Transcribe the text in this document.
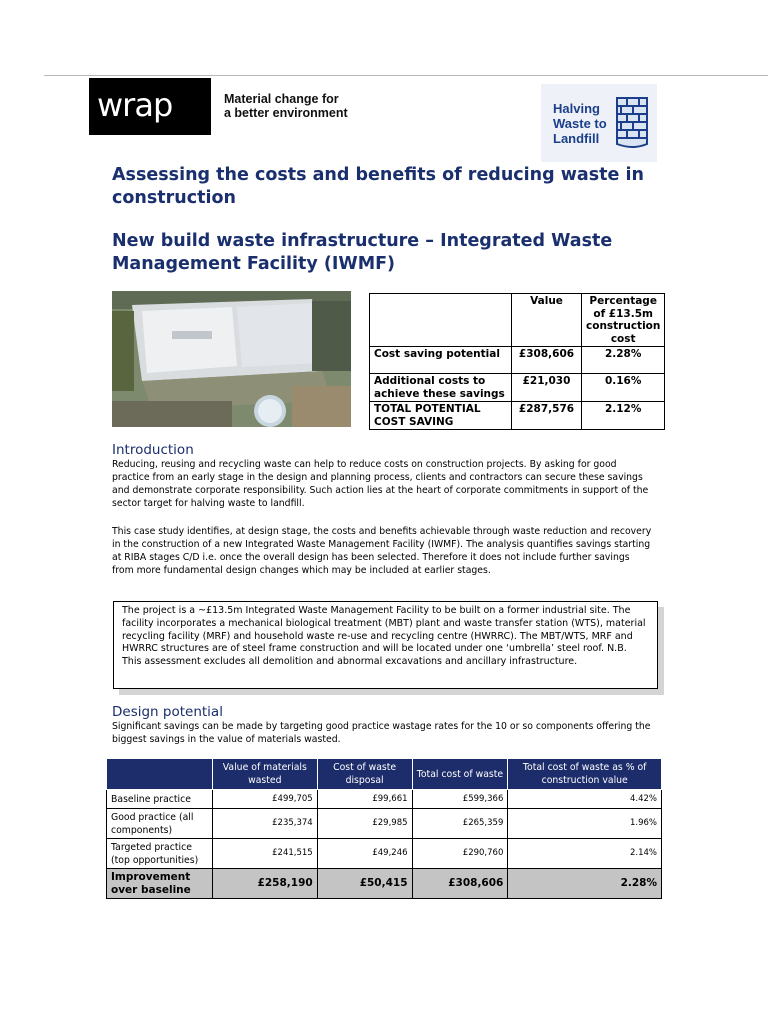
wrap	Material change for
a better environment	Halving
Waste to
Landfill
Assessing the costs and benefits of reducing waste in construction
New build waste infrastructure – Integrated Waste Management Facility (IWMF)
	Value	Percentage of £13.5m construction cost
Cost saving potential	£308,606	2.28%
Additional costs to achieve these savings	£21,030	0.16%
TOTAL POTENTIAL COST SAVING	£287,576	2.12%
Introduction
Reducing, reusing and recycling waste can help to reduce costs on construction projects. By asking for good practice from an early stage in the design and planning process, clients and contractors can secure these savings and demonstrate corporate responsibility. Such action lies at the heart of corporate commitments in support of the sector target for halving waste to landfill.
This case study identifies, at design stage, the costs and benefits achievable through waste reduction and recovery in the construction of a new Integrated Waste Management Facility (IWMF). The analysis quantifies savings starting at RIBA stages C/D i.e. once the overall design has been selected. Therefore it does not include further savings from more fundamental design changes which may be included at earlier stages.
The project is a ~£13.5m Integrated Waste Management Facility to be built on a former industrial site. The facility incorporates a mechanical biological treatment (MBT) plant and waste transfer station (WTS), material recycling facility (MRF) and household waste re-use and recycling centre (HWRRC). The MBT/WTS, MRF and HWRRC structures are of steel frame construction and will be located under one ‘umbrella’ steel roof. N.B. This assessment excludes all demolition and abnormal excavations and ancillary infrastructure.
Design potential
Significant savings can be made by targeting good practice wastage rates for the 10 or so components offering the biggest savings in the value of materials wasted.
	Value of materials wasted	Cost of waste disposal	Total cost of waste	Total cost of waste as % of construction value
Baseline practice	£499,705	£99,661	£599,366	4.42%
Good practice (all components)	£235,374	£29,985	£265,359	1.96%
Targeted practice (top opportunities)	£241,515	£49,246	£290,760	2.14%
Improvement over baseline	£258,190	£50,415	£308,606	2.28%
